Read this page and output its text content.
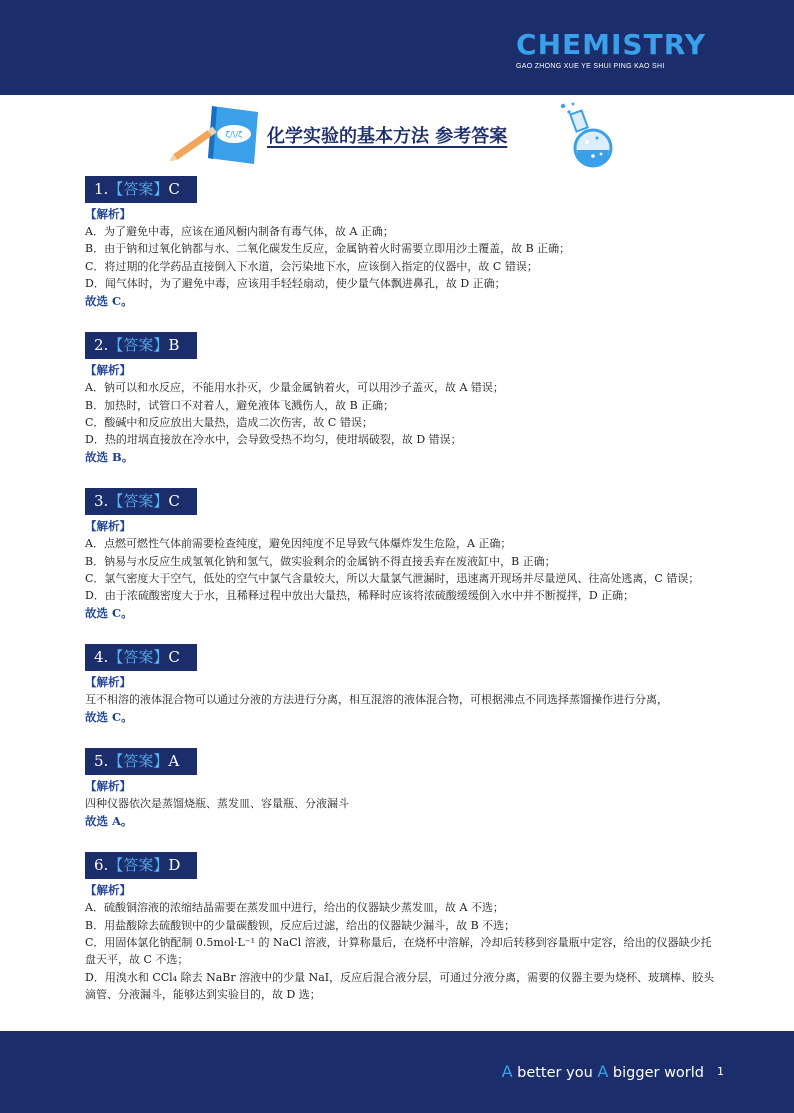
CHEMISTRY
GAO ZHONG XUE YE SHUI PING KAO SHI
ζ/\/ζ 化学实验的基本方法 参考答案
1.【答案】C
【解析】
A．为了避免中毒，应该在通风橱内制备有毒气体，故 A 正确；
B．由于钠和过氧化钠都与水、二氧化碳发生反应，金属钠着火时需要立即用沙土覆盖，故 B 正确；
C．将过期的化学药品直接倒入下水道，会污染地下水，应该倒入指定的仪器中，故 C 错误；
D．闻气体时，为了避免中毒，应该用手轻轻扇动，使少量气体飘进鼻孔，故 D 正确；
故选 C。
2.【答案】B
【解析】
A．钠可以和水反应，不能用水扑灭，少量金属钠着火，可以用沙子盖灭，故 A 错误；
B．加热时，试管口不对着人，避免液体飞溅伤人，故 B 正确；
C．酸碱中和反应放出大量热，造成二次伤害，故 C 错误；
D．热的坩埚直接放在冷水中，会导致受热不均匀，使坩埚破裂，故 D 错误；
故选 B。
3.【答案】C
【解析】
A．点燃可燃性气体前需要检查纯度，避免因纯度不足导致气体爆炸发生危险，A 正确；
B．钠易与水反应生成氢氧化钠和氢气，做实验剩余的金属钠不得直接丢弃在废液缸中，B 正确；
C．氯气密度大于空气，低处的空气中氯气含量较大，所以大量氯气泄漏时，迅速离开现场并尽量逆风、往高处逃离，C 错误；
D．由于浓硫酸密度大于水，且稀释过程中放出大量热，稀释时应该将浓硫酸缓缓倒入水中并不断搅拌，D 正确；
故选 C。
4.【答案】C
【解析】
互不相溶的液体混合物可以通过分液的方法进行分离，相互混溶的液体混合物，可根据沸点不同选择蒸馏操作进行分离，
故选 C。
5.【答案】A
【解析】
四种仪器依次是蒸馏烧瓶、蒸发皿、容量瓶、分液漏斗
故选 A。
6.【答案】D
【解析】
A．硫酸铜溶液的浓缩结晶需要在蒸发皿中进行，给出的仪器缺少蒸发皿，故 A 不选；
B．用盐酸除去硫酸钡中的少量碳酸钡，反应后过滤，给出的仪器缺少漏斗，故 B 不选；
C．用固体氯化钠配制 0.5mol·L⁻¹ 的 NaCl 溶液，计算称量后，在烧杯中溶解，冷却后转移到容量瓶中定容，给出的仪器缺少托盘天平，故 C 不选；
D．用溴水和 CCl₄ 除去 NaBr 溶液中的少量 NaI，反应后混合液分层，可通过分液分离，需要的仪器主要为烧杯、玻璃棒、胶头滴管、分液漏斗，能够达到实验目的，故 D 选；
A better you A bigger world 1
